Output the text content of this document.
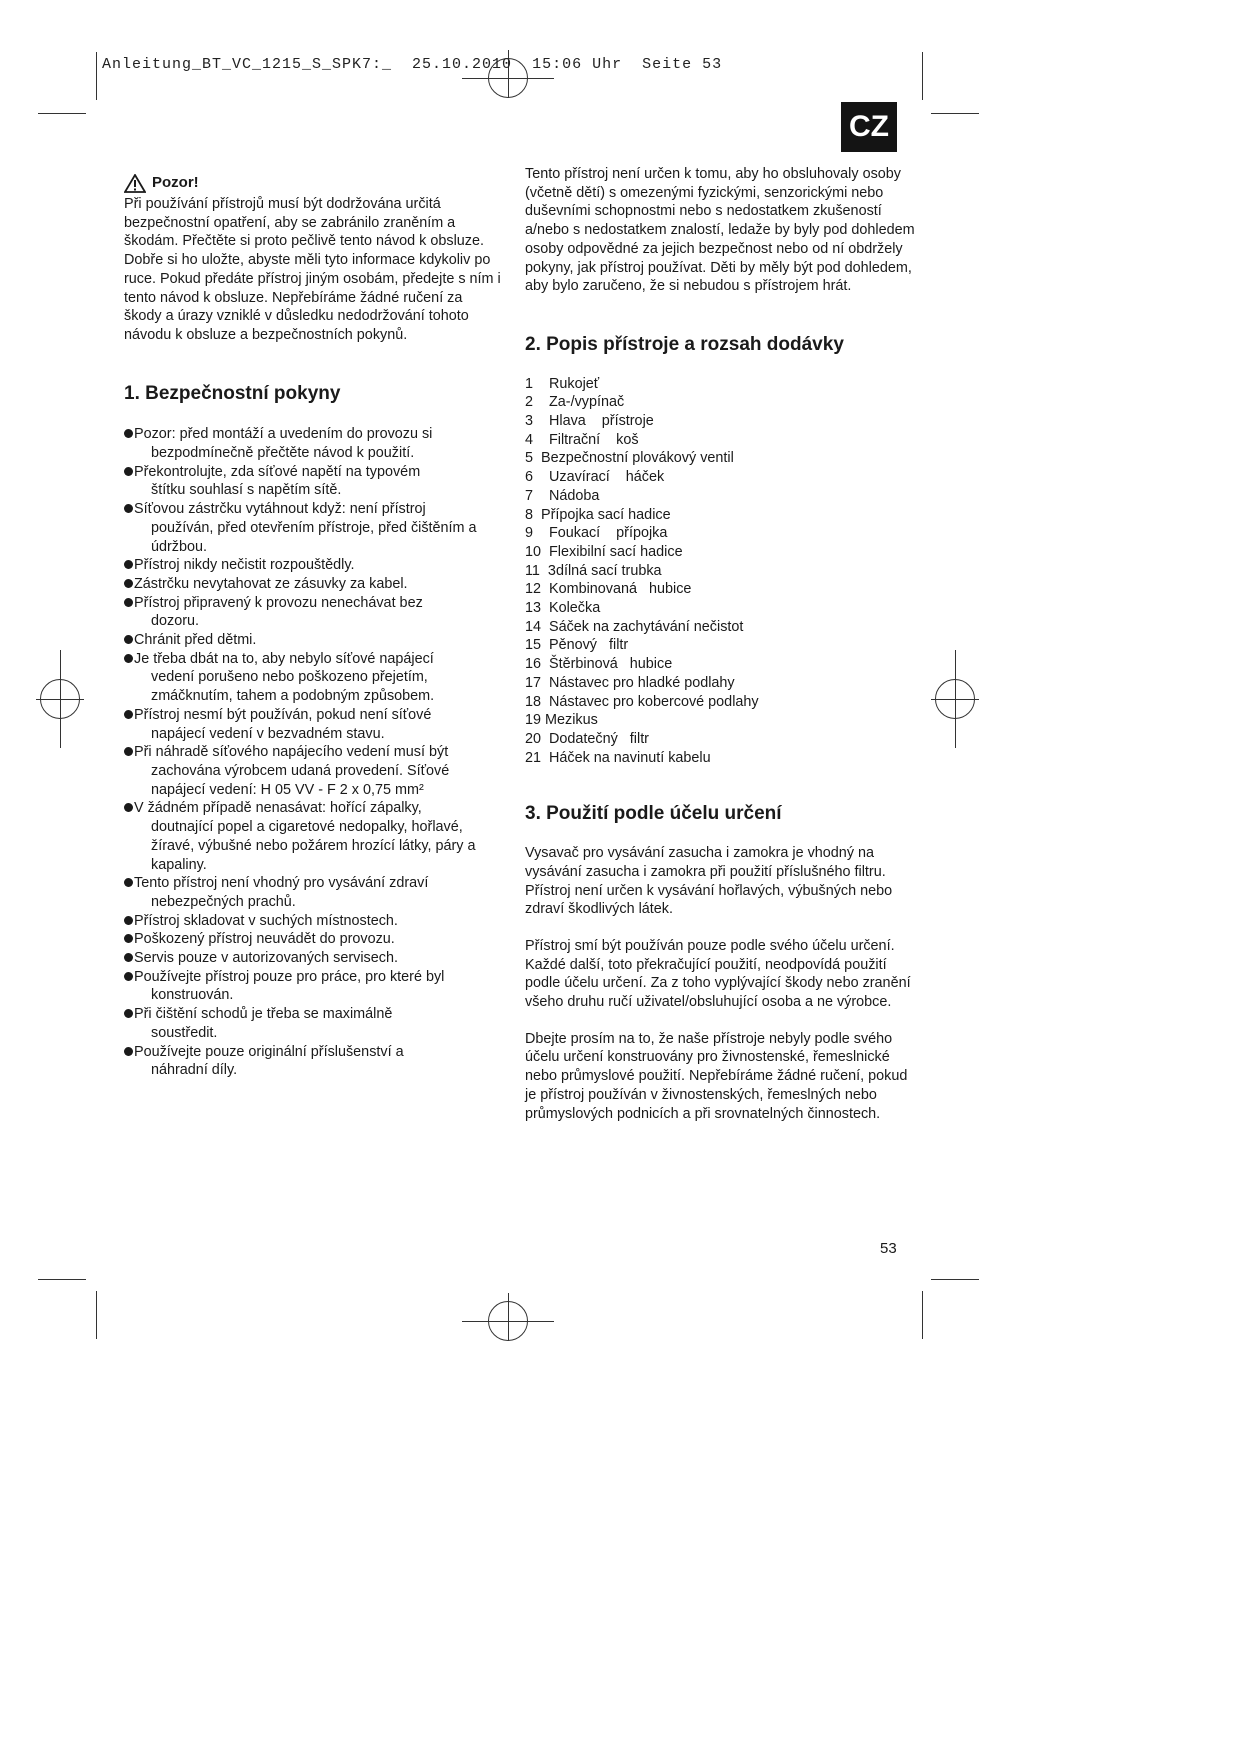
Anleitung_BT_VC_1215_S_SPK7:_  25.10.2010  15:06 Uhr  Seite 53
CZ
Pozor!

Při používání přístrojů musí být dodržována určitá bezpečnostní opatření, aby se zabránilo zraněním a škodám. Přečtěte si proto pečlivě tento návod k obsluze. Dobře si ho uložte, abyste měli tyto informace kdykoliv po ruce. Pokud předáte přístroj jiným osobám, předejte s ním i tento návod k obsluze. Nepřebíráme žádné ručení za škody a úrazy vzniklé v důsledku nedodržování tohoto návodu k obsluze a bezpečnostních pokynů.

1. Bezpečnostní pokyny
Pozor: před montáží a uvedením do provozu si
bezpodmínečně přečtěte návod k použití.
Překontrolujte, zda síťové napětí na typovém
štítku souhlasí s napětím sítě.
Síťovou zástrčku vytáhnout když: není přístroj
používán, před otevřením přístroje, před čištěním a údržbou.
Přístroj nikdy nečistit rozpouštědly.
Zástrčku nevytahovat ze zásuvky za kabel.
Přístroj připravený k provozu nenechávat bez
dozoru.
Chránit před dětmi.
Je třeba dbát na to, aby nebylo síťové napájecí
vedení porušeno nebo poškozeno přejetím, zmáčknutím, tahem a podobným způsobem.
Přístroj nesmí být používán, pokud není síťové
napájecí vedení v bezvadném stavu.
Při náhradě síťového napájecího vedení musí být
zachována výrobcem udaná provedení. Síťové napájecí vedení: H 05 VV - F 2 x 0,75 mm²
V žádném případě nenasávat: hořící zápalky,
doutnající popel a cigaretové nedopalky, hořlavé, žíravé, výbušné nebo požárem hrozící látky, páry a kapaliny.
Tento přístroj není vhodný pro vysávání zdraví
nebezpečných prachů.
Přístroj skladovat v suchých místnostech.
Poškozený přístroj neuvádět do provozu.
Servis pouze v autorizovaných servisech.
Používejte přístroj pouze pro práce, pro které byl
konstruován.
Při čištění schodů je třeba se maximálně
soustředit.
Používejte pouze originální příslušenství a
náhradní díly.

Tento přístroj není určen k tomu, aby ho obsluhovaly osoby (včetně dětí) s omezenými fyzickými, senzorickými nebo duševními schopnostmi nebo s nedostatkem zkušeností a/nebo s nedostatkem znalostí, ledaže by byly pod dohledem osoby odpovědné za jejich bezpečnost nebo od ní obdržely pokyny, jak přístroj používat. Děti by měly být pod dohledem, aby bylo zaručeno, že si nebudou s přístrojem hrát.

2. Popis přístroje a rozsah dodávky
1    Rukojeť
2    Za-/vypínač
3    Hlava    přístroje
4    Filtrační    koš
5  Bezpečnostní plovákový ventil
6    Uzavírací    háček
7    Nádoba
8  Přípojka sací hadice
9    Foukací    přípojka
10  Flexibilní sací hadice
11  3dílná sací trubka
12  Kombinovaná   hubice
13  Kolečka
14  Sáček na zachytávání nečistot
15  Pěnový   filtr
16  Štěrbinová   hubice
17  Nástavec pro hladké podlahy
18  Nástavec pro kobercové podlahy
19 Mezikus
20  Dodatečný   filtr
21  Háček na navinutí kabelu
3. Použití podle účelu určení

Vysavač pro vysávání zasucha i zamokra je vhodný na vysávání zasucha i zamokra při použití příslušného filtru. Přístroj není určen k vysávání hořlavých, výbušných nebo zdraví škodlivých látek.

Přístroj smí být používán pouze podle svého účelu určení. Každé další, toto překračující použití, neodpovídá použití podle účelu určení. Za z toho vyplývající škody nebo zranění všeho druhu ručí uživatel/obsluhující osoba a ne výrobce.

Dbejte prosím na to, že naše přístroje nebyly podle svého účelu určení konstruovány pro živnostenské, řemeslnické nebo průmyslové použití. Nepřebíráme žádné ručení, pokud je přístroj používán v živnostenských, řemeslných nebo průmyslových podnicích a při srovnatelných činnostech.

53
